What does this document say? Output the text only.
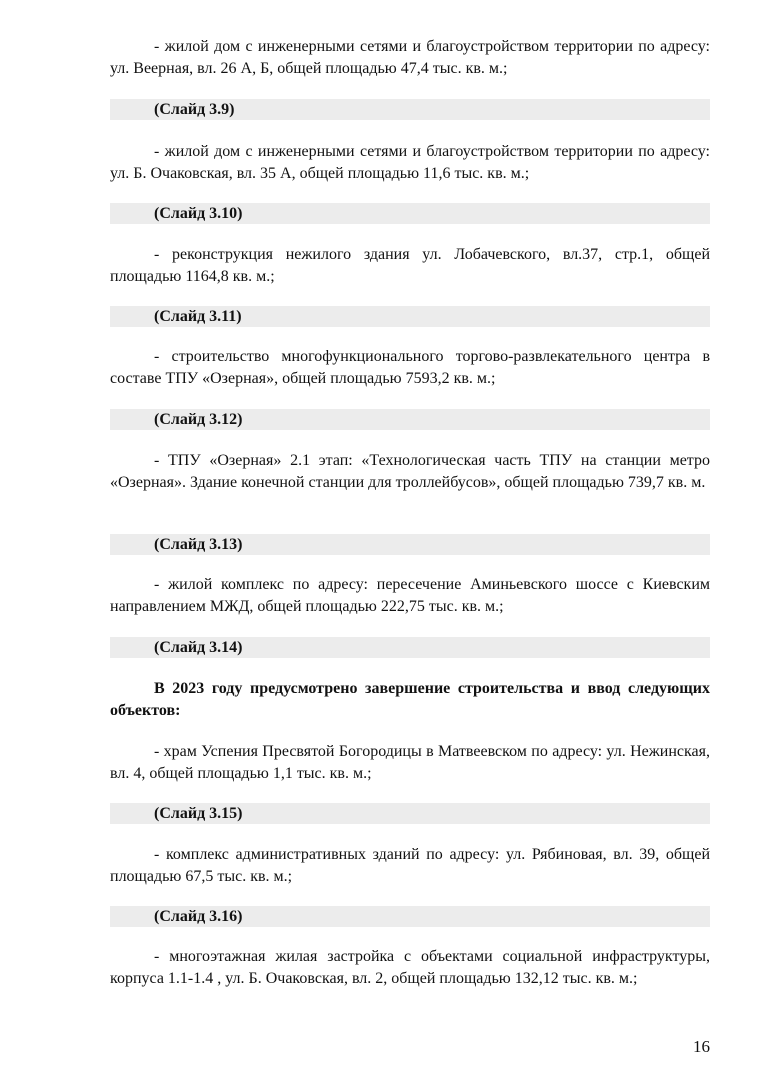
- жилой дом с инженерными сетями и благоустройством территории по адресу: ул. Веерная, вл. 26 А, Б, общей площадью 47,4 тыс. кв. м.;

(Слайд 3.9)

- жилой дом с инженерными сетями и благоустройством территории по адресу: ул. Б. Очаковская, вл. 35 А, общей площадью 11,6 тыс. кв. м.;

(Слайд 3.10)

- реконструкция нежилого здания ул. Лобачевского, вл.37, стр.1, общей площадью 1164,8 кв. м.;

(Слайд 3.11)

- строительство многофункционального торгово-развлекательного центра в составе ТПУ «Озерная», общей площадью 7593,2 кв. м.;

(Слайд 3.12)

- ТПУ «Озерная» 2.1 этап: «Технологическая часть ТПУ на станции метро «Озерная». Здание конечной станции для троллейбусов», общей площадью 739,7 кв. м.

(Слайд 3.13)

- жилой комплекс по адресу: пересечение Аминьевского шоссе с Киевским направлением МЖД, общей площадью 222,75 тыс. кв. м.;

(Слайд 3.14)

В 2023 году предусмотрено завершение строительства и ввод следующих объектов:

- храм Успения Пресвятой Богородицы в Матвеевском по адресу: ул. Нежинская, вл. 4, общей площадью 1,1 тыс. кв. м.;

(Слайд 3.15)

- комплекс административных зданий по адресу: ул. Рябиновая, вл. 39, общей площадью 67,5 тыс. кв. м.;

(Слайд 3.16)

- многоэтажная жилая застройка с объектами социальной инфраструктуры, корпуса 1.1-1.4 , ул. Б. Очаковская, вл. 2, общей площадью 132,12 тыс. кв. м.;

16
